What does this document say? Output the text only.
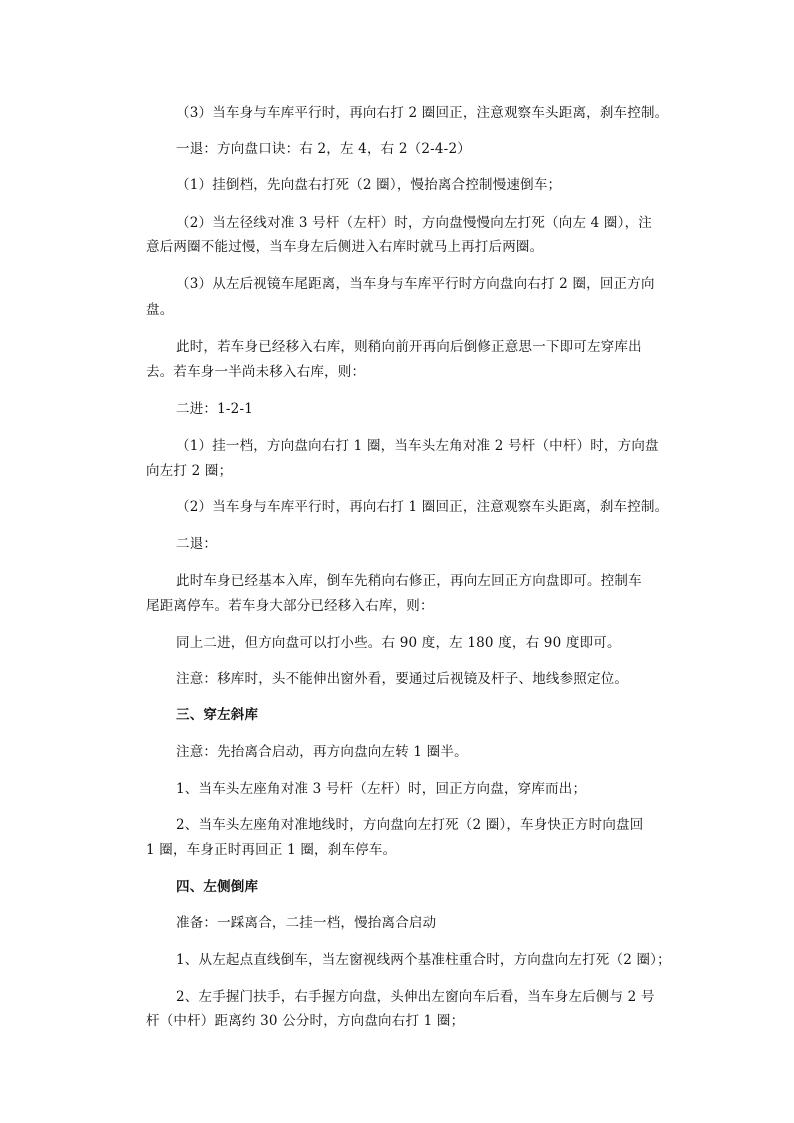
（3）当车身与车库平行时，再向右打 2 圈回正，注意观察车头距离，刹车控制。
一退：方向盘口诀：右 2，左 4，右 2（2-4-2）
（1）挂倒档，先向盘右打死（2 圈），慢抬离合控制慢速倒车；
（2）当左径线对准 3 号杆（左杆）时，方向盘慢慢向左打死（向左 4 圈），注
意后两圈不能过慢，当车身左后侧进入右库时就马上再打后两圈。
（3）从左后视镜车尾距离，当车身与车库平行时方向盘向右打 2 圈，回正方向
盘。
此时，若车身已经移入右库，则稍向前开再向后倒修正意思一下即可左穿库出
去。若车身一半尚未移入右库，则：
二进：1-2-1
（1）挂一档，方向盘向右打 1 圈，当车头左角对准 2 号杆（中杆）时，方向盘
向左打 2 圈；
（2）当车身与车库平行时，再向右打 1 圈回正，注意观察车头距离，刹车控制。
二退：
此时车身已经基本入库，倒车先稍向右修正，再向左回正方向盘即可。控制车
尾距离停车。若车身大部分已经移入右库，则：
同上二进，但方向盘可以打小些。右 90 度，左 180 度，右 90 度即可。
注意：移库时，头不能伸出窗外看，要通过后视镜及杆子、地线参照定位。
三、穿左斜库
注意：先抬离合启动，再方向盘向左转 1 圈半。
1、当车头左座角对准 3 号杆（左杆）时，回正方向盘，穿库而出；
2、当车头左座角对准地线时，方向盘向左打死（2 圈），车身快正方时向盘回
1 圈，车身正时再回正 1 圈，刹车停车。
四、左侧倒库
准备：一踩离合，二挂一档，慢抬离合启动
1、从左起点直线倒车，当左窗视线两个基准柱重合时，方向盘向左打死（2 圈）；
2、左手握门扶手，右手握方向盘，头伸出左窗向车后看，当车身左后侧与 2 号
杆（中杆）距离约 30 公分时，方向盘向右打 1 圈；
